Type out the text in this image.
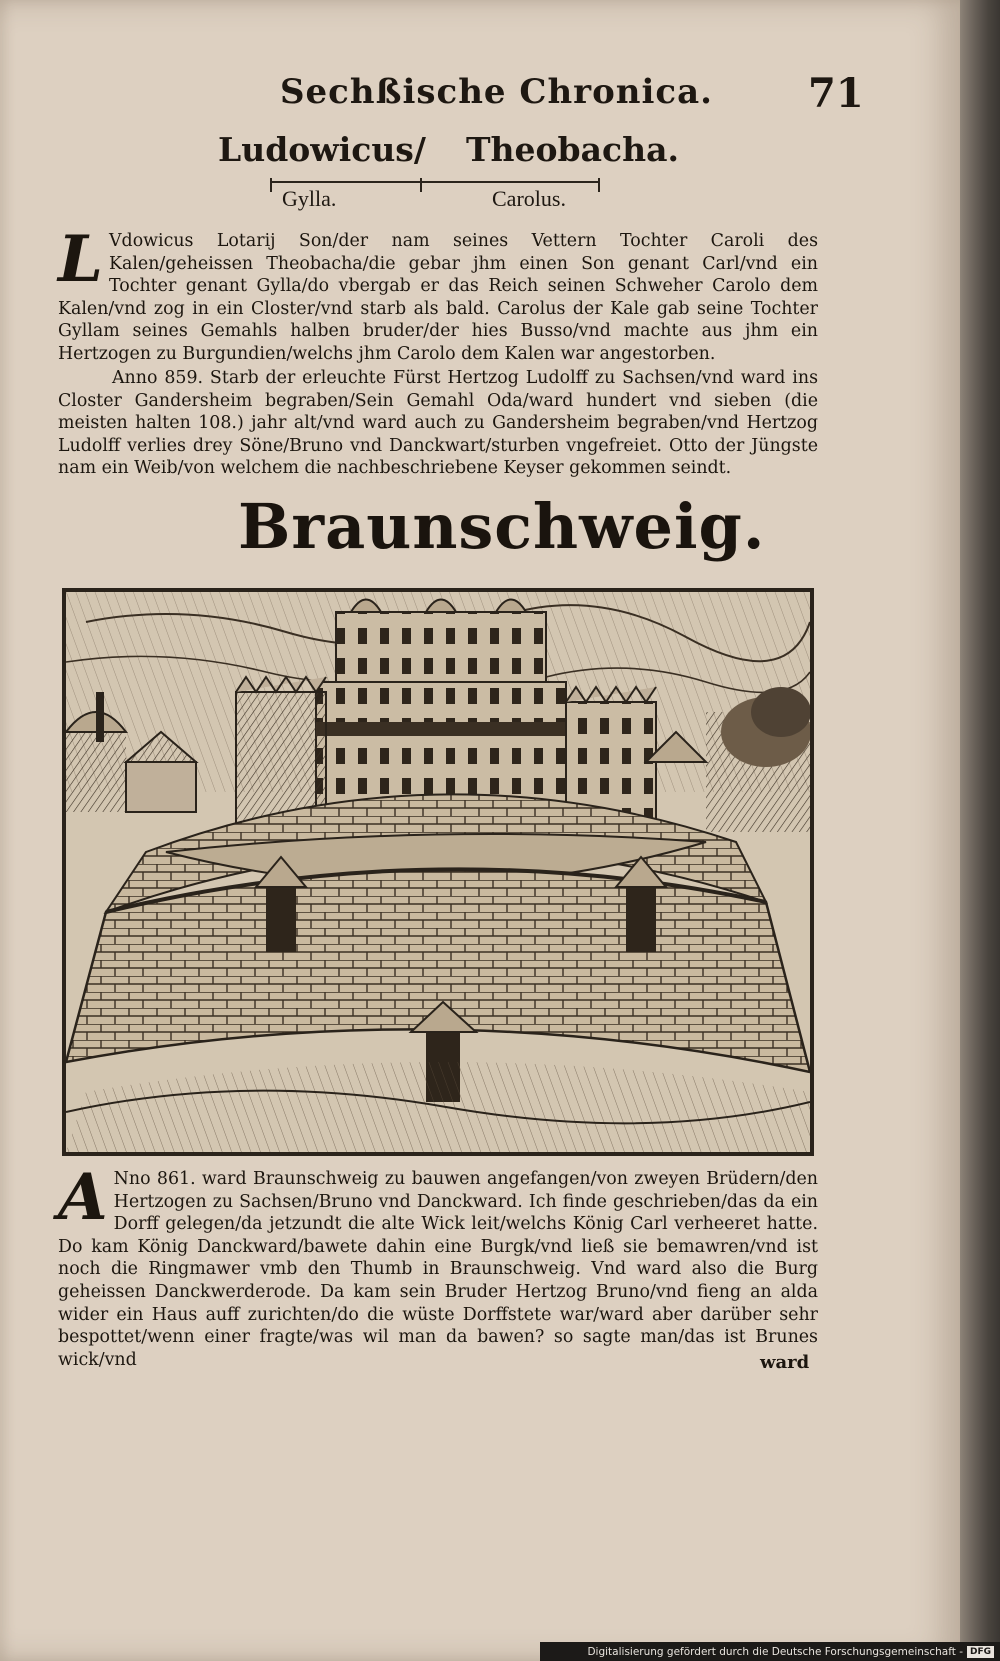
Sechßische Chronica. 71
Ludowicus/ Theobacha.
Gylla.	Carolus.
L Vdowicus Lotarij Son/der nam seines Vettern Tochter Caroli des Kalen/geheissen Theobacha/die gebar jhm einen Son genant Carl/vnd ein Tochter genant Gylla/do vbergab er das Reich seinen Schweher Carolo dem Kalen/vnd zog in ein Closter/vnd starb als bald. Carolus der Kale gab seine Tochter Gyllam seines Gemahls halben bruder/der hies Busso/vnd machte aus jhm ein Hertzogen zu Burgundien/welchs jhm Carolo dem Kalen war angestorben.

Anno 859. Starb der erleuchte Fürst Hertzog Ludolff zu Sachsen/vnd ward ins Closter Gandersheim begraben/Sein Gemahl Oda/ward hundert vnd sieben (die meisten halten 108.) jahr alt/vnd ward auch zu Gandersheim begraben/vnd Hertzog Ludolff verlies drey Söne/Bruno vnd Danckwart/sturben vngefreiet. Otto der Jüngste nam ein Weib/von welchem die nachbeschriebene Keyser gekommen seindt.

Braunschweig.
A Nno 861. ward Braunschweig zu bauwen angefangen/von zweyen Brüdern/den Hertzogen zu Sachsen/Bruno vnd Danckward. Ich finde geschrieben/das da ein Dorff gelegen/da jetzundt die alte Wick leit/welchs König Carl verheeret hatte. Do kam König Danckward/bawete dahin eine Burgk/vnd ließ sie bemawren/vnd ist noch die Ringmawer vmb den Thumb in Braunschweig. Vnd ward also die Burg geheissen Danckwerderode. Da kam sein Bruder Hertzog Bruno/vnd fieng an alda wider ein Haus auff zurichten/do die wüste Dorffstete war/ward aber darüber sehr bespottet/wenn einer fragte/was wil man da bawen? so sagte man/das ist Brunes wick/vnd	ward
Digitalisierung gefördert durch die Deutsche Forschungsgemeinschaft - DFG
